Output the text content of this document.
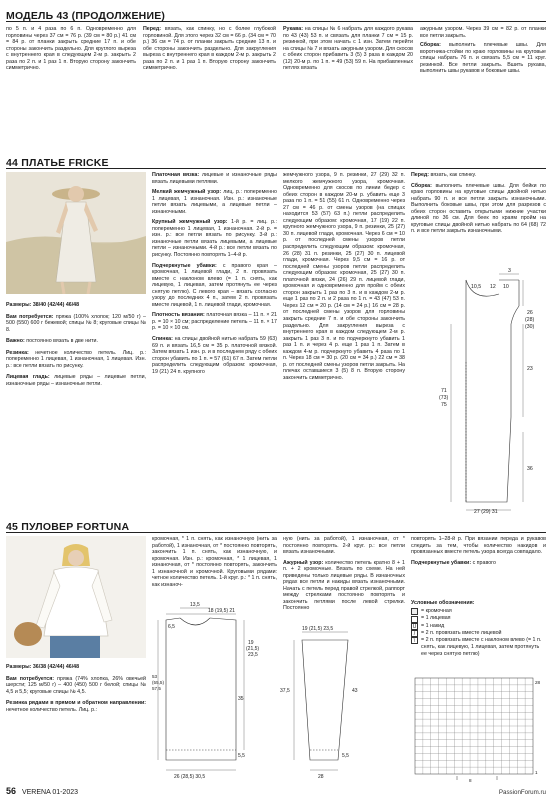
МОДЕЛЬ 43 (ПРОДОЛЖЕНИЕ)

по 5 п. и 4 раза по 6 п. Одновременно для горловины через 37 см = 76 р. (39 см = 80 р.) 41 см = 84 р. от планки закрыть средние 17 п. и обе стороны закончить раздельно. Для круглого выреза с внутреннего края в следующем 2-м р. закрыть 2 раза по 2 п. и 1 раз 1 п. Вторую сторону закончить симметрично.

Перед: вязать, как спинку, но с более глубокой горловиной. Для этого через 32 см = 66 р. (34 см = 70 р.) 36 см = 74 р. от планки закрыть средние 13 п. и обе стороны закончить раздельно. Для закругления выреза с внутреннего края в каждом 2-м р. закрыть 2 раза по 2 п. и 1 раз 1 п. Вторую сторону закончить симметрично.

Рукава: на спицы № 6 набрать для каждого рукава по 43 (43) 53 п. и связать для планки 7 см = 15 р. резинкой, при этом начать с 1 изн. Затем перейти на спицы № 7 и вязать ажурным узором. Для скосов с обеих сторон прибавить 3 (5) 3 раза в каждом 20 (12) 20-м р. по 1 п. = 49 (53) 59 п. На прибавленных петлях вязать

ажурным узором. Через 39 см = 82 р. от планки все петли закрыть.

Сборка: выполнить плечевые швы. Для воротника-стойки по краю горловины на круговые спицы набрать 76 п. и связать 5,5 см = 11 круг. резинкой. Все петли закрыть. Вшить рукава, выполнить швы рукавов и боковые швы.

44 ПЛАТЬЕ FRICKE

Размеры: 38/40 (42/44) 46/48

Вам потребуется: пряжа (100% хлопок; 120 м/50 г) – 500 (550) 600 г бежевой; спицы № 8; круговые спицы № 8.

Важно: постоянно вязать в две нити.

Резинка: нечетное количество петель. Лиц. р.: попеременно 1 лицевая, 1 изнаночная, 1 лицевая. Изн. р.: все петли вязать по рисунку.

Лицевая гладь: лицевые ряды – лицевые петли, изнаночные ряды – изнаночные петли.

Платочная вязка: лицевые и изнаночные ряды вязать лицевыми петлями.

Мелкий жемчужный узор: лиц. р.: попеременно 1 лицевая, 1 изнаночная. Изн. р.: изнаночные петли вязать лицевыми, а лицевые петли – изнаночными.

Крупный жемчужный узор: 1-й р. = лиц. р.: попеременно 1 лицевая, 1 изнаночная. 2-й р. = изн. р.: все петли вязать по рисунку. 3-й р.: изнаночные петли вязать лицевыми, а лицевые петли – изнаночными. 4-й р.: все петли вязать по рисунку. Постоянно повторять 1–4-й р.

Подчеркнутые убавки: с правого края – кромочная, 1 лицевой глади, 2 п. провязать вместе с наклоном влево (= 1 п. снять, как лицевую, 1 лицевая, затем протянуть ее через снятую петлю). С левого края – вязать согласно узору до последних 4 п., затем 2 п. провязать вместе лицевой, 1 п. лицевой глади, кромочная.

Плотность вязания: платочная вязка – 11 п. × 21 р. = 10 × 10 см; распределение петель – 11 п. × 17 р. = 10 × 10 см.

Спинка: на спицы двойной нитью набрать 59 (63) 69 п. и вязать 16,5 см = 35 р. платочной вязкой. Затем вязать 1 изн. р. и в последнем ряду с обеих сторон убавить по 1 п. = 57 (61) 67 п. Затем петли распределить следующим образом: кромочная, 19 (21) 24 п. крупного

жемчужного узора, 9 п. резинки, 27 (29) 32 п. мелкого жемчужного узора, кромочная. Одновременно для скосов по линии бедер с обеих сторон в каждом 20-м р. убавить еще 3 раза по 1 п. = 51 (55) 61 п. Одновременно через 27 см = 46 р. от смены узоров (на спицах находится 53 (57) 63 п.) петли распределить следующим образом: кромочная, 17 (19) 22 п. крупного жемчужного узора, 9 п. резинки, 25 (27) 30 п. лицевой глади, кромочная. Через 6 см = 10 р. от последней смены узоров петли распределить следующим образом: кромочная, 26 (28) 31 п. резинки, 25 (27) 30 п. лицевой глади, кромочная. Через 9,5 см = 16 р. от последней смены узоров петли распределить следующим образом: кромочная, 25 (27) 30 п. платочной вязки, 24 (26) 29 п. лицевой глади, кромочная и одновременно для пройм с обеих сторон закрыть 1 раз по 3 п. и в каждом 2-м р. еще 1 раз по 2 п. и 2 раза по 1 п. = 43 (47) 53 п. Через 12 см = 20 р. (14 см = 24 р.) 16 см = 28 р. от последней смены узоров для горловины закрыть средние 7 п. и обе стороны закончить раздельно. Для закругления выреза с внутреннего края в каждом следующем 2-м р. закрыть 1 раз 3 п. и по подчеркнуто убавить 1 раз 1 п. и через 4 р. еще 1 раз 1 п. Затем в каждом 4-м р. подчеркнуто убавить 4 раза по 1 п. Через 18 см = 30 р. (20 см = 34 р.) 22 см = 38 р. от последней смены узоров петли закрыть. На плечах оставшиеся 3 (5) 8 п. Вторую сторону закончить симметрично.

Перед: вязать, как спинку.

Сборка: выполнить плечевые швы. Для бейки по краю горловины на круговые спицы двойной нитью набрать 90 п. и все петли закрыть изнаночными. Выполнить боковые швы, при этом для разрезов с обеих сторон оставить открытыми нижние участки длиной по 36 см. Для беек по краям пройм на круговые спицы двойной нитью набрать по 64 (68) 72 п. и все петли закрыть изнаночными.

3
10,5 12 10
26
(28)
(30)
23
71
(73)
75
36
27 (29) 31
45 ПУЛОВЕР FORTUNA

Размеры: 36/38 (42/44) 46/48

Вам потребуется: пряжа (74% хлопка, 26% овечьей шерсти; 125 м/50 г) – 400 (450) 500 г белой; спицы № 4,5 и 5,5; круговые спицы № 4,5.

Резинка рядами в прямом и обратном направлении: нечетное количество петель. Лиц. р.:

кромочная, * 1 п. снять, как изнаночную (нить за работой), 1 изнаночная, от * постоянно повторять, закончить 1 п. снять, как изнаночную, и кромочная. Изн. р.: кромочная, * 1 лицевая, 1 изнаночная, от * постоянно повторять, закончить 1 изнаночной и кромочной. Круговыми рядами: четное количество петель. 1-й круг. р.: * 1 п. снять, как изнаноч-

ную (нить за работой), 1 изнаночная, от * постоянно повторять. 2-й круг. р.: все петли вязать изнаночными.

Ажурный узор: количество петель кратно 8 + 1 п. + 2 кромочные. Вязать по схеме. На ней приведены только лицевые ряды. В изнаночных рядах все петли и накиды вязать изнаночными. Начать с петель перед правой стрелкой, раппорт между стрелками постоянно повторять и закончить петлями после левой стрелки. Постоянно

повторять 1–28-й р. При вязании переда и рукавов следить за тем, чтобы количество накидов и провязанных вместе петель узора всегда совпадало.

Подчеркнутые убавки: с правого

Условные обозначения:
= кромочная
= 1 лицевая
U = 1 накид
/	= 2 п. провязать вместе лицевой
\	= 2 п. провязать вместе с наклоном влево (= 1 п. снять, как лицевую, 1 лицевая, затем протянуть ее через снятую петлю)
13,5
18 (19,5) 21
6,5
19
(21,5)
23,5
37,5	43
53
(55,5)
57,5
35
5,5
26 (28,5) 30,5
19 (21,5) 23,5
5,5
28
1
28
8
56 VERENA 01-2023	PassionForum.ru
